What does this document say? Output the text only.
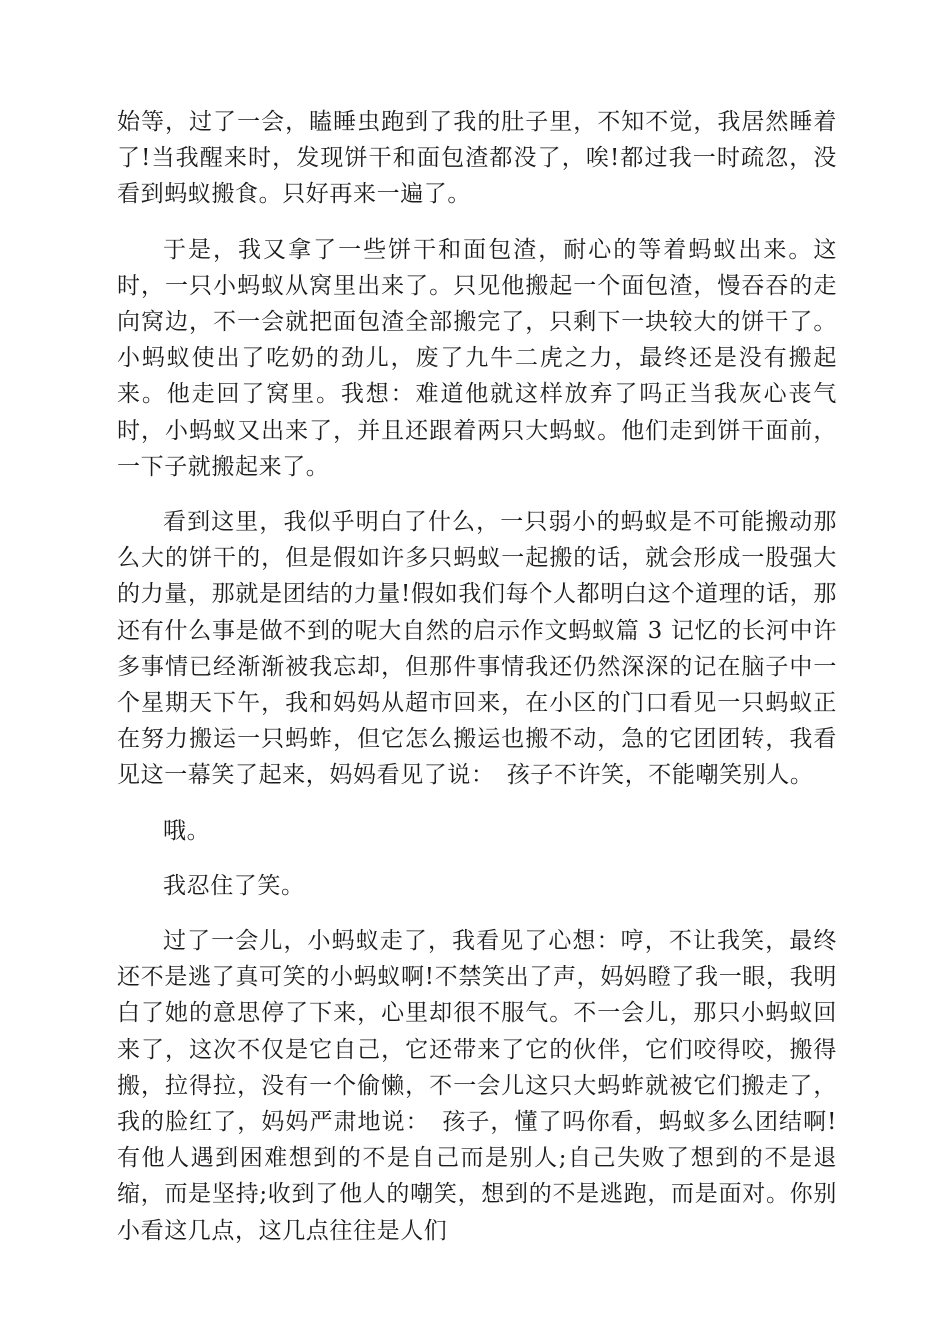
始等，过了一会，瞌睡虫跑到了我的肚子里，不知不觉，我居然睡着了!当我醒来时，发现饼干和面包渣都没了，唉!都过我一时疏忽，没看到蚂蚁搬食。只好再来一遍了。

于是，我又拿了一些饼干和面包渣，耐心的等着蚂蚁出来。这时，一只小蚂蚁从窝里出来了。只见他搬起一个面包渣，慢吞吞的走向窝边，不一会就把面包渣全部搬完了，只剩下一块较大的饼干了。小蚂蚁使出了吃奶的劲儿，废了九牛二虎之力，最终还是没有搬起来。他走回了窝里。我想：难道他就这样放弃了吗正当我灰心丧气时，小蚂蚁又出来了，并且还跟着两只大蚂蚁。他们走到饼干面前，一下子就搬起来了。

看到这里，我似乎明白了什么，一只弱小的蚂蚁是不可能搬动那么大的饼干的，但是假如许多只蚂蚁一起搬的话，就会形成一股强大的力量，那就是团结的力量!假如我们每个人都明白这个道理的话，那还有什么事是做不到的呢大自然的启示作文蚂蚁篇 3 记忆的长河中许多事情已经渐渐被我忘却，但那件事情我还仍然深深的记在脑子中一个星期天下午，我和妈妈从超市回来，在小区的门口看见一只蚂蚁正在努力搬运一只蚂蚱，但它怎么搬运也搬不动，急的它团团转，我看见这一幕笑了起来，妈妈看见了说：　孩子不许笑，不能嘲笑别人。

哦。

我忍住了笑。

过了一会儿，小蚂蚁走了，我看见了心想：哼，不让我笑，最终还不是逃了真可笑的小蚂蚁啊!不禁笑出了声，妈妈瞪了我一眼，我明白了她的意思停了下来，心里却很不服气。不一会儿，那只小蚂蚁回来了，这次不仅是它自己，它还带来了它的伙伴，它们咬得咬，搬得搬，拉得拉，没有一个偷懒，不一会儿这只大蚂蚱就被它们搬走了，我的脸红了，妈妈严肃地说：　孩子，懂了吗你看，蚂蚁多么团结啊!有他人遇到困难想到的不是自己而是别人;自己失败了想到的不是退缩，而是坚持;收到了他人的嘲笑，想到的不是逃跑，而是面对。你别小看这几点，这几点往往是人们
